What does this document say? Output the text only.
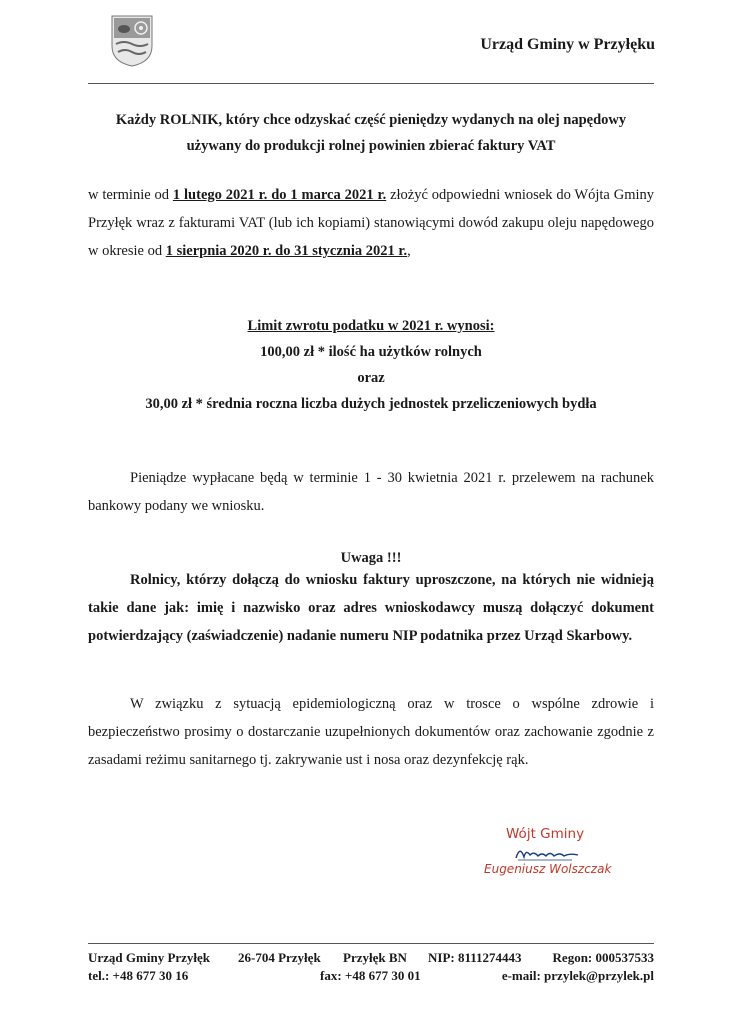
Urząd Gminy w Przyłęku
Każdy ROLNIK, który chce odzyskać część pieniędzy wydanych na olej napędowy
używany do produkcji rolnej powinien zbierać faktury VAT
w terminie od 1 lutego 2021 r. do 1 marca 2021 r. złożyć odpowiedni wniosek do Wójta Gminy Przyłęk wraz z fakturami VAT (lub ich kopiami) stanowiącymi dowód zakupu oleju napędowego w okresie od 1 sierpnia 2020 r. do 31 stycznia 2021 r.,
Limit zwrotu podatku w 2021 r. wynosi:
100,00 zł * ilość ha użytków rolnych
oraz
30,00 zł * średnia roczna liczba dużych jednostek przeliczeniowych bydła
Pieniądze wypłacane będą w terminie 1 - 30 kwietnia 2021 r. przelewem na rachunek bankowy podany we wniosku.
Uwaga !!!
Rolnicy, którzy dołączą do wniosku faktury uproszczone, na których nie widnieją takie dane jak: imię i nazwisko oraz adres wnioskodawcy muszą dołączyć dokument potwierdzający (zaświadczenie) nadanie numeru NIP podatnika przez Urząd Skarbowy.
W związku z sytuacją epidemiologiczną oraz w trosce o wspólne zdrowie i bezpieczeństwo prosimy o dostarczanie uzupełnionych dokumentów oraz zachowanie zgodnie z zasadami reżimu sanitarnego tj. zakrywanie ust i nosa oraz dezynfekcję rąk.
Wójt Gminy
Eugeniusz Wolszczak
Urząd Gminy Przyłęk 26-704 Przyłęk Przyłęk BN NIP: 8111274443 Regon: 000537533
tel.: +48 677 30 16	fax: +48 677 30 01	e-mail: przylek@przylek.pl
